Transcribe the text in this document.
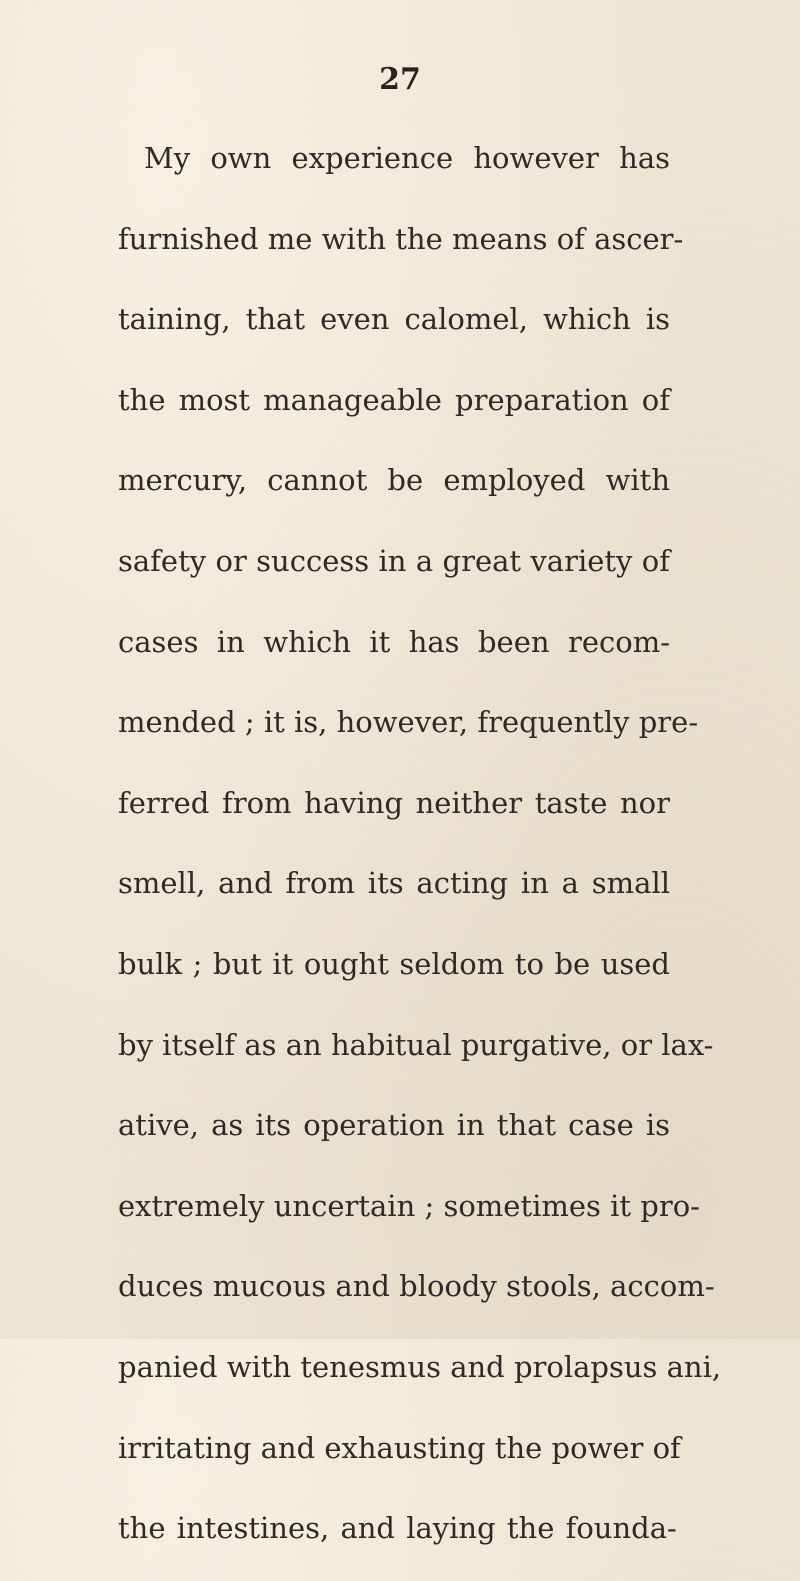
27
My own experience however has
furnished me with the means of ascer-
taining, that even calomel, which is
the most manageable preparation of
mercury, cannot be employed with
safety or success in a great variety of
cases in which it has been recom-
mended ; it is, however, frequently pre-
ferred from having neither taste nor
smell, and from its acting in a small
bulk ; but it ought seldom to be used
by itself as an habitual purgative, or lax-
ative, as its operation in that case is
extremely uncertain ; sometimes it pro-
duces mucous and bloody stools, accom-
panied with tenesmus and prolapsus ani,
irritating and exhausting the power of
the intestines, and laying the founda-
